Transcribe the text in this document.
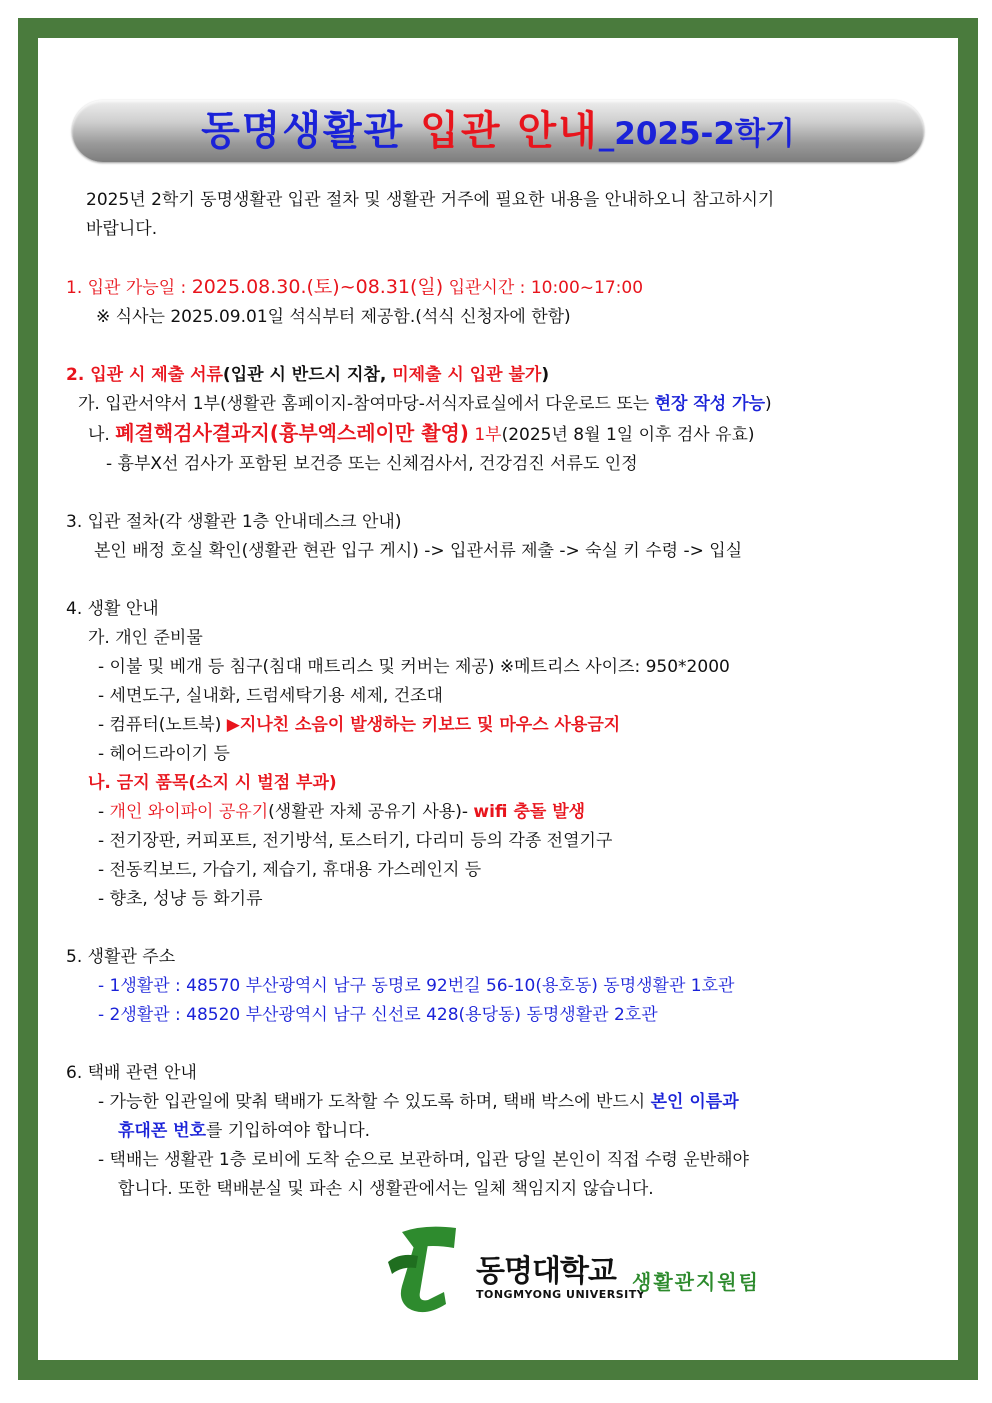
동명생활관 입관 안내_2025-2학기
2025년 2학기 동명생활관 입관 절차 및 생활관 거주에 필요한 내용을 안내하오니 참고하시기
바랍니다.
1. 입관 가능일 : 2025.08.30.(토)~08.31(일) 입관시간 : 10:00~17:00
※ 식사는 2025.09.01일 석식부터 제공함.(석식 신청자에 한함)
2. 입관 시 제출 서류(입관 시 반드시 지참, 미제출 시 입관 불가)
가. 입관서약서 1부(생활관 홈페이지-참여마당-서식자료실에서 다운로드 또는 현장 작성 가능)
나. 폐결핵검사결과지(흉부엑스레이만 촬영) 1부(2025년 8월 1일 이후 검사 유효)
- 흉부X선 검사가 포함된 보건증 또는 신체검사서, 건강검진 서류도 인정
3. 입관 절차(각 생활관 1층 안내데스크 안내)
본인 배정 호실 확인(생활관 현관 입구 게시) -> 입관서류 제출 -> 숙실 키 수령 -> 입실
4. 생활 안내
가. 개인 준비물
- 이불 및 베개 등 침구(침대 매트리스 및 커버는 제공) ※메트리스 사이즈: 950*2000
- 세면도구, 실내화, 드럼세탁기용 세제, 건조대
- 컴퓨터(노트북) ▶지나친 소음이 발생하는 키보드 및 마우스 사용금지
- 헤어드라이기 등
나. 금지 품목(소지 시 벌점 부과)
- 개인 와이파이 공유기(생활관 자체 공유기 사용)- wifi 충돌 발생
- 전기장판, 커피포트, 전기방석, 토스터기, 다리미 등의 각종 전열기구
- 전동킥보드, 가습기, 제습기, 휴대용 가스레인지 등
- 향초, 성냥 등 화기류
5. 생활관 주소
- 1생활관 : 48570 부산광역시 남구 동명로 92번길 56-10(용호동) 동명생활관 1호관
- 2생활관 : 48520 부산광역시 남구 신선로 428(용당동) 동명생활관 2호관
6. 택배 관련 안내
- 가능한 입관일에 맞춰 택배가 도착할 수 있도록 하며, 택배 박스에 반드시 본인 이름과
휴대폰 번호를 기입하여야 합니다.
- 택배는 생활관 1층 로비에 도착 순으로 보관하며, 입관 당일 본인이 직접 수령 운반해야
합니다. 또한 택배분실 및 파손 시 생활관에서는 일체 책임지지 않습니다.
동명대학교
TONGMYONG UNIVERSITY
생활관지원팀
